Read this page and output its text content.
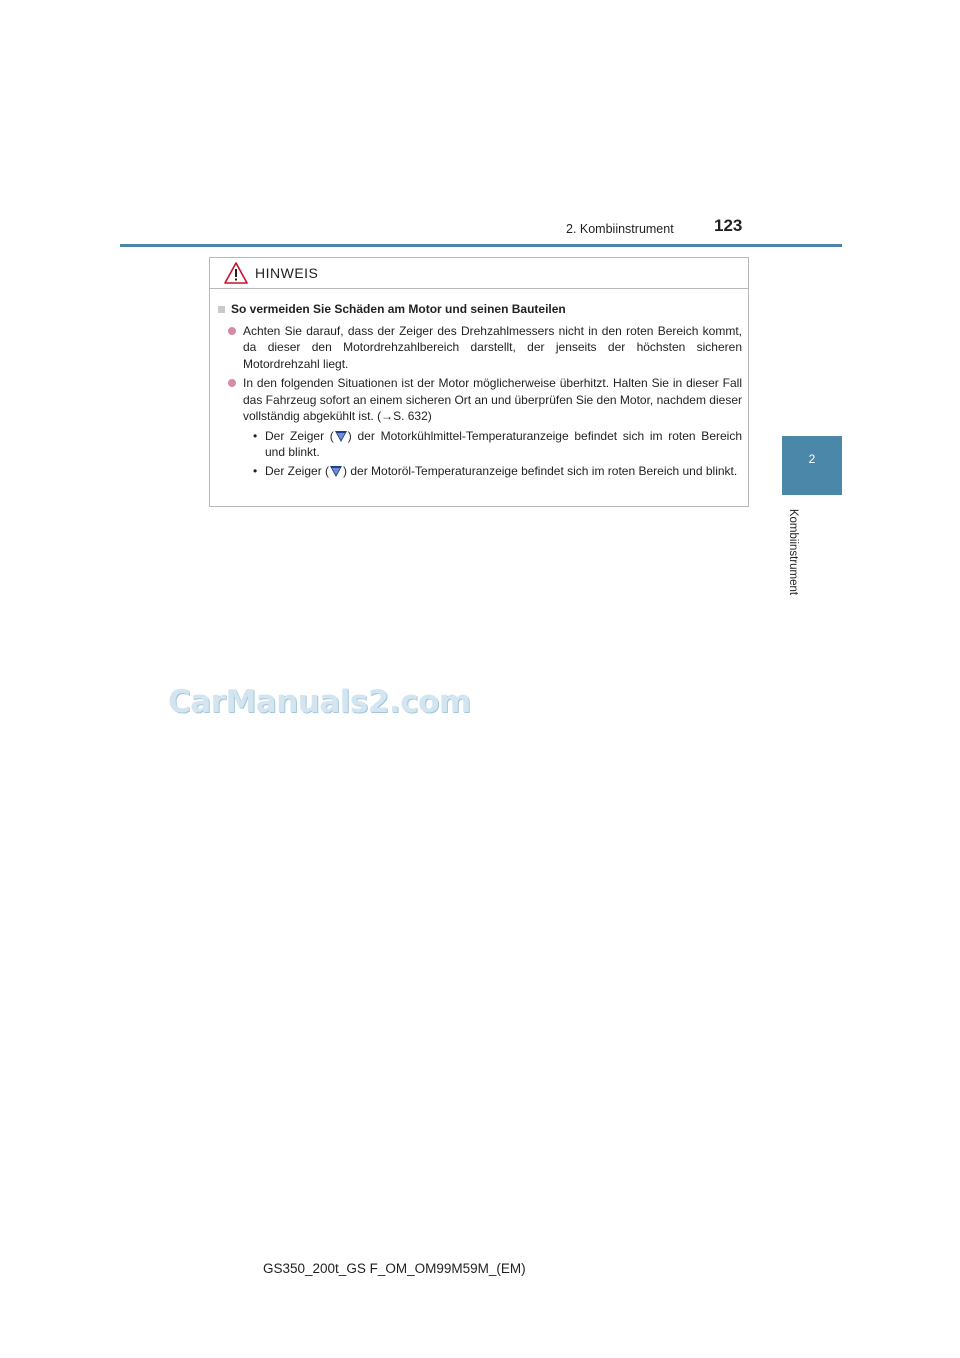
2. Kombiinstrument 123
2
Kombiinstrument
HINWEIS
So vermeiden Sie Schäden am Motor und seinen Bauteilen
Achten Sie darauf, dass der Zeiger des Drehzahlmessers nicht in den roten Bereich kommt, da dieser den Motordrehzahlbereich darstellt, der jenseits der höchsten sicheren Motordrehzahl liegt.
In den folgenden Situationen ist der Motor möglicherweise überhitzt. Halten Sie in dieser Fall das Fahrzeug sofort an einem sicheren Ort an und überprüfen Sie den Motor, nachdem dieser vollständig abgekühlt ist. (→S. 632)
• Der Zeiger ( ) der Motorkühlmittel-Temperaturanzeige befindet sich im roten Bereich und blinkt.
• Der Zeiger ( ) der Motoröl-Temperaturanzeige befindet sich im roten Bereich und blinkt.
CarManuals2.com
GS350_200t_GS F_OM_OM99M59M_(EM)
